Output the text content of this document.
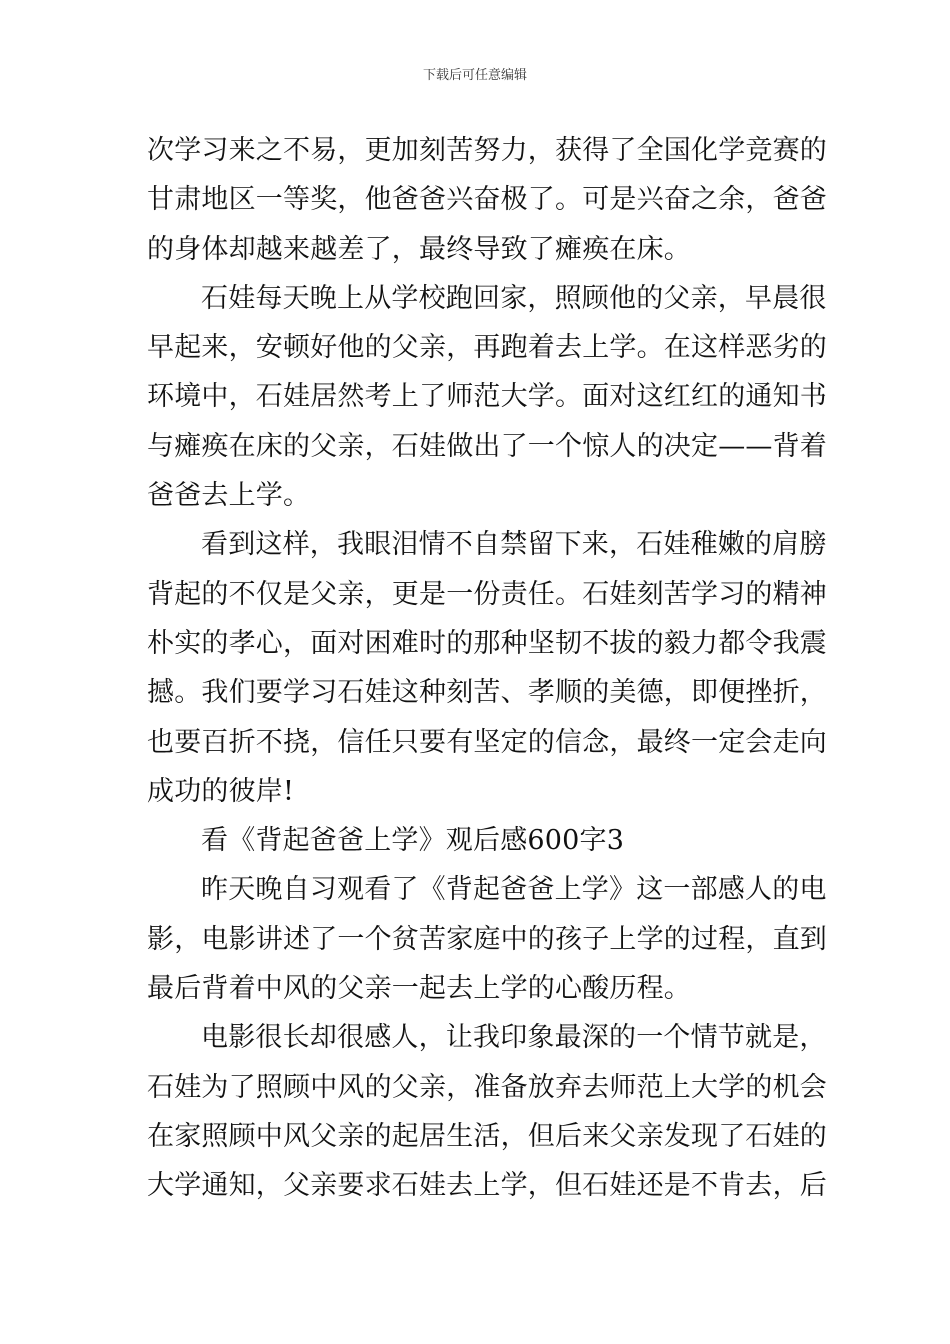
下载后可任意编辑
次学习来之不易，更加刻苦努力，获得了全国化学竞赛的
甘肃地区一等奖，他爸爸兴奋极了。可是兴奋之余，爸爸
的身体却越来越差了，最终导致了瘫痪在床。
石娃每天晚上从学校跑回家，照顾他的父亲，早晨很
早起来，安顿好他的父亲，再跑着去上学。在这样恶劣的
环境中，石娃居然考上了师范大学。面对这红红的通知书
与瘫痪在床的父亲，石娃做出了一个惊人的决定——背着
爸爸去上学。
看到这样，我眼泪情不自禁留下来，石娃稚嫩的肩膀
背起的不仅是父亲，更是一份责任。石娃刻苦学习的精神
朴实的孝心，面对困难时的那种坚韧不拔的毅力都令我震
撼。我们要学习石娃这种刻苦、孝顺的美德，即便挫折，
也要百折不挠，信任只要有坚定的信念，最终一定会走向
成功的彼岸!
看《背起爸爸上学》观后感600字3
昨天晚自习观看了《背起爸爸上学》这一部感人的电
影，电影讲述了一个贫苦家庭中的孩子上学的过程，直到
最后背着中风的父亲一起去上学的心酸历程。
电影很长却很感人，让我印象最深的一个情节就是，
石娃为了照顾中风的父亲，准备放弃去师范上大学的机会
在家照顾中风父亲的起居生活，但后来父亲发现了石娃的
大学通知，父亲要求石娃去上学，但石娃还是不肯去，后
